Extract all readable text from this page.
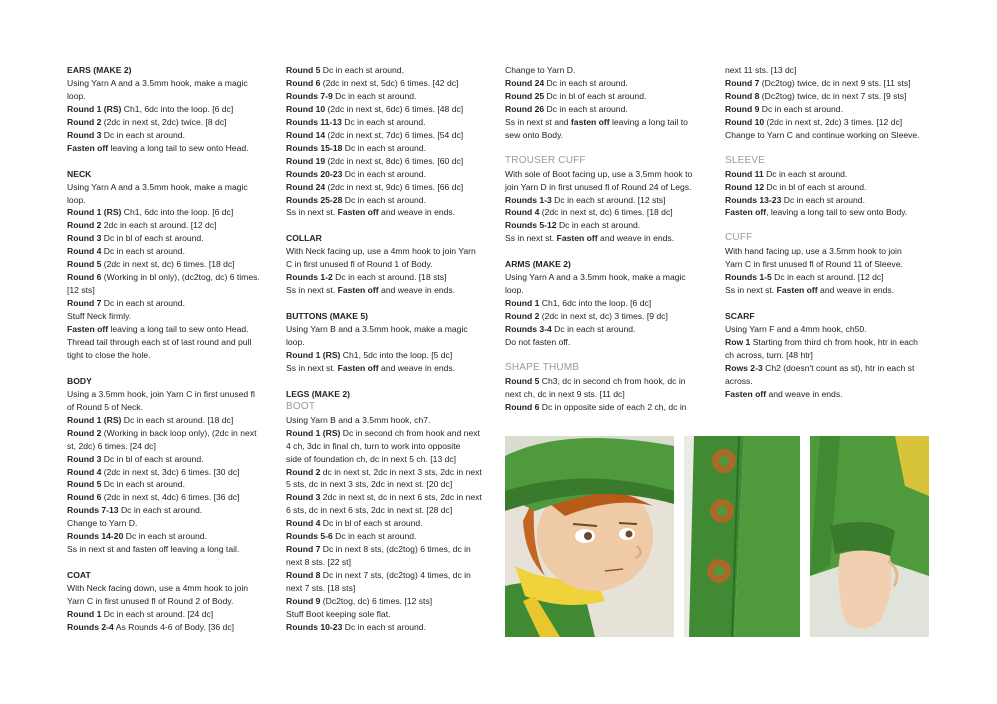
EARS (MAKE 2)
Using Yarn A and a 3.5mm hook, make a magic
loop.
Round 1 (RS) Ch1, 6dc into the loop. [6 dc]
Round 2 (2dc in next st, 2dc) twice. [8 dc]
Round 3 Dc in each st around.
Fasten off leaving a long tail to sew onto Head.
NECK
Using Yarn A and a 3.5mm hook, make a magic
loop.
Round 1 (RS) Ch1, 6dc into the loop. [6 dc]
Round 2 2dc in each st around. [12 dc]
Round 3 Dc in bl of each st around.
Round 4 Dc in each st around.
Round 5 (2dc in next st, dc) 6 times. [18 dc]
Round 6 (Working in bl only), (dc2tog, dc) 6 times.
[12 sts]
Round 7 Dc in each st around.
Stuff Neck firmly.
Fasten off leaving a long tail to sew onto Head.
Thread tail through each st of last round and pull
tight to close the hole.
BODY
Using a 3.5mm hook, join Yarn C in first unused fl
of Round 5 of Neck.
Round 1 (RS) Dc in each st around. [18 dc]
Round 2 (Working in back loop only), (2dc in next
st, 2dc) 6 times. [24 dc]
Round 3 Dc in bl of each st around.
Round 4 (2dc in next st, 3dc) 6 times. [30 dc]
Round 5 Dc in each st around.
Round 6 (2dc in next st, 4dc) 6 times. [36 dc]
Rounds 7-13 Dc in each st around.
Change to Yarn D.
Rounds 14-20 Dc in each st around.
Ss in next st and fasten off leaving a long tail.
COAT
With Neck facing down, use a 4mm hook to join
Yarn C in first unused fl of Round 2 of Body.
Round 1 Dc in each st around. [24 dc]
Rounds 2-4 As Rounds 4-6 of Body. [36 dc]
Round 5 Dc in each st around.
Round 6 (2dc in next st, 5dc) 6 times. [42 dc]
Rounds 7-9 Dc in each st around.
Round 10 (2dc in next st, 6dc) 6 times. [48 dc]
Rounds 11-13 Dc in each st around.
Round 14 (2dc in next st, 7dc) 6 times. [54 dc]
Rounds 15-18 Dc in each st around.
Round 19 (2dc in next st, 8dc) 6 times. [60 dc]
Rounds 20-23 Dc in each st around.
Round 24 (2dc in next st, 9dc) 6 times. [66 dc]
Rounds 25-28 Dc in each st around.
Ss in next st. Fasten off and weave in ends.
COLLAR
With Neck facing up, use a 4mm hook to join Yarn
C in first unused fl of Round 1 of Body.
Rounds 1-2 Dc in each st around. [18 sts]
Ss in next st. Fasten off and weave in ends.
BUTTONS (MAKE 5)
Using Yarn B and a 3.5mm hook, make a magic
loop.
Round 1 (RS) Ch1, 5dc into the loop. [5 dc]
Ss in next st. Fasten off and weave in ends.
LEGS (MAKE 2)
BOOT
Using Yarn B and a 3.5mm hook, ch7.
Round 1 (RS) Dc in second ch from hook and next
4 ch, 3dc in final ch, turn to work into opposite
side of foundation ch, dc in next 5 ch. [13 dc]
Round 2 dc in next st, 2dc in next 3 sts, 2dc in next
5 sts, dc in next 3 sts, 2dc in next st. [20 dc]
Round 3 2dc in next st, dc in next 6 sts, 2dc in next
6 sts, dc in next 6 sts, 2dc in next st. [28 dc]
Round 4 Dc in bl of each st around.
Rounds 5-6 Dc in each st around.
Round 7 Dc in next 8 sts, (dc2tog) 6 times, dc in
next 8 sts. [22 st]
Round 8 Dc in next 7 sts, (dc2tog) 4 times, dc in
next 7 sts. [18 sts]
Round 9 (Dc2tog, dc) 6 times. [12 sts]
Stuff Boot keeping sole flat.
Rounds 10-23 Dc in each st around.
Change to Yarn D.
Round 24 Dc in each st around.
Round 25 Dc in bl of each st around.
Round 26 Dc in each st around.
Ss in next st and fasten off leaving a long tail to
sew onto Body.
TROUSER CUFF
With sole of Boot facing up, use a 3.5mm hook to
join Yarn D in first unused fl of Round 24 of Legs.
Rounds 1-3 Dc in each st around. [12 sts]
Round 4 (2dc in next st, dc) 6 times. [18 dc]
Rounds 5-12 Dc in each st around.
Ss in next st. Fasten off and weave in ends.
ARMS (MAKE 2)
Using Yarn A and a 3.5mm hook, make a magic
loop.
Round 1 Ch1, 6dc into the loop. [6 dc]
Round 2 (2dc in next st, dc) 3 times. [9 dc]
Rounds 3-4 Dc in each st around.
Do not fasten off.
SHAPE THUMB
Round 5 Ch3, dc in second ch from hook, dc in
next ch, dc in next 9 sts. [11 dc]
Round 6 Dc in opposite side of each 2 ch, dc in
next 11 sts. [13 dc]
Round 7 (Dc2tog) twice, dc in next 9 sts. [11 sts]
Round 8 (Dc2tog) twice, dc in next 7 sts. [9 sts]
Round 9 Dc in each st around.
Round 10 (2dc in next st, 2dc) 3 times. [12 dc]
Change to Yarn C and continue working on Sleeve.
SLEEVE
Round 11 Dc in each st around.
Round 12 Dc in bl of each st around.
Rounds 13-23 Dc in each st around.
Fasten off, leaving a long tail to sew onto Body.
CUFF
With hand facing up, use a 3.5mm hook to join
Yarn C in first unused fl of Round 11 of Sleeve.
Rounds 1-5 Dc in each st around. [12 dc]
Ss in next st. Fasten off and weave in ends.
SCARF
Using Yarn F and a 4mm hook, ch50.
Row 1 Starting from third ch from hook, htr in each
ch across, turn. [48 htr]
Rows 2-3 Ch2 (doesn't count as st), htr in each st
across.
Fasten off and weave in ends.
